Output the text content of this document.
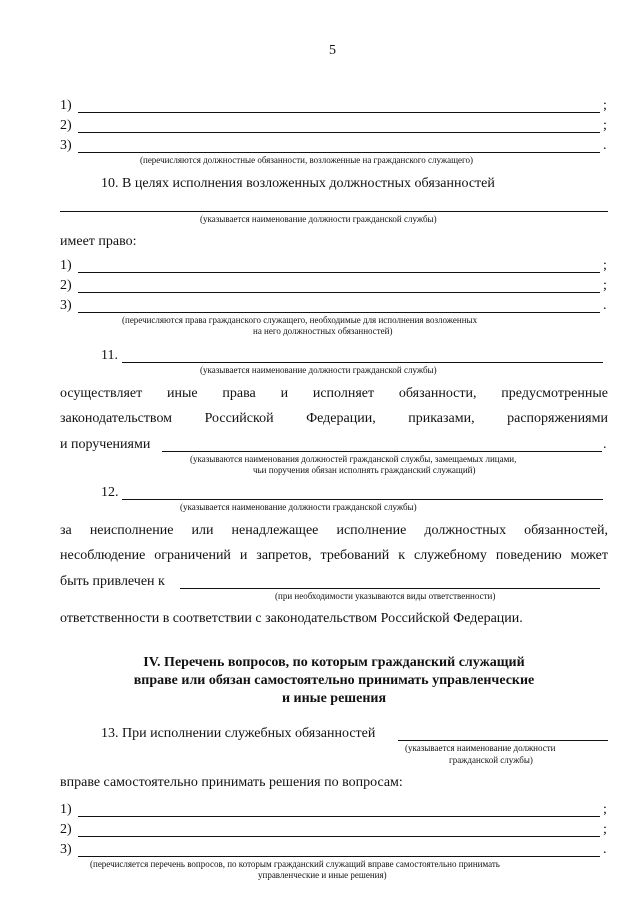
5
1)	;
2)	;
3)	.
(перечисляются должностные обязанности, возложенные на гражданского служащего)
10. В целях исполнения возложенных должностных обязанностей
(указывается наименование должности гражданской службы)
имеет право:
1)	;
2)	;
3)	.
(перечисляются права гражданского служащего, необходимые для исполнения возложенных
на него должностных обязанностей)
11.
(указывается наименование должности гражданской службы)
осуществляет иные права и исполняет обязанности, предусмотренные
законодательством Российской Федерации, приказами, распоряжениями
и поручениями	.
(указываются наименования должностей гражданской службы, замещаемых лицами,
чьи поручения обязан исполнять гражданский служащий)
12.
(указывается наименование должности гражданской службы)
за неисполнение или ненадлежащее исполнение должностных обязанностей,
несоблюдение ограничений и запретов, требований к служебному поведению может
быть привлечен к
(при необходимости указываются виды ответственности)
ответственности в соответствии с законодательством Российской Федерации.
IV. Перечень вопросов, по которым гражданский служащий
вправе или обязан самостоятельно принимать управленческие
и иные решения
13. При исполнении служебных обязанностей
(указывается наименование должности
гражданской службы)
вправе самостоятельно принимать решения по вопросам:
1)	;
2)	;
3)	.
(перечисляется перечень вопросов, по которым гражданский служащий вправе самостоятельно принимать
управленческие и иные решения)
